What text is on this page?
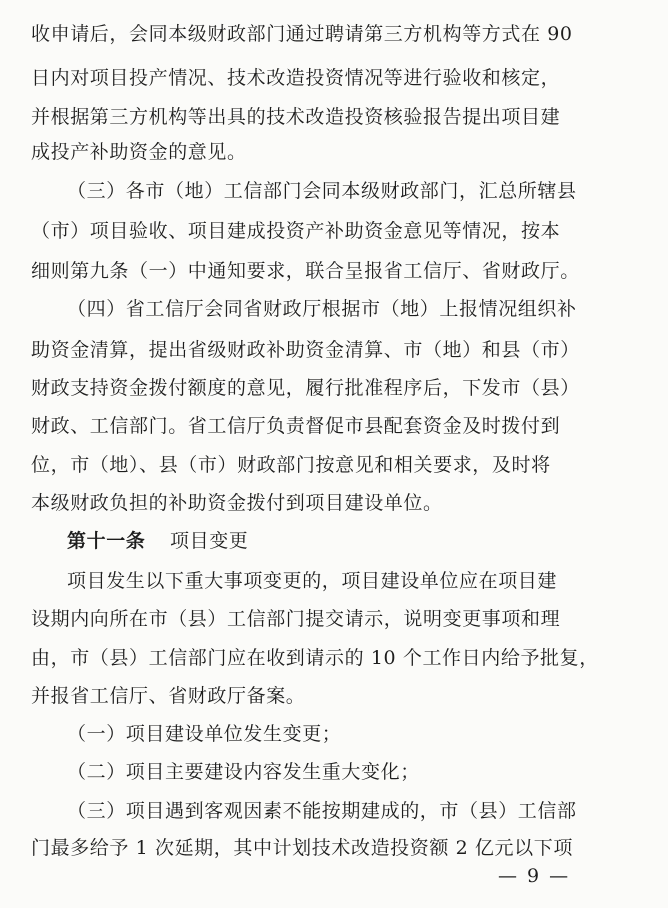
收申请后，会同本级财政部门通过聘请第三方机构等方式在 90
日内对项目投产情况、技术改造投资情况等进行验收和核定，
并根据第三方机构等出具的技术改造投资核验报告提出项目建
成投产补助资金的意见。
（三）各市（地）工信部门会同本级财政部门，汇总所辖县
（市）项目验收、项目建成投资产补助资金意见等情况，按本
细则第九条（一）中通知要求，联合呈报省工信厅、省财政厅。
（四）省工信厅会同省财政厅根据市（地）上报情况组织补
助资金清算，提出省级财政补助资金清算、市（地）和县（市）
财政支持资金拨付额度的意见，履行批准程序后，下发市（县）
财政、工信部门。省工信厅负责督促市县配套资金及时拨付到
位，市（地）、县（市）财政部门按意见和相关要求，及时将
本级财政负担的补助资金拨付到项目建设单位。
第十一条 项目变更
项目发生以下重大事项变更的，项目建设单位应在项目建
设期内向所在市（县）工信部门提交请示，说明变更事项和理
由，市（县）工信部门应在收到请示的 10 个工作日内给予批复，
并报省工信厅、省财政厅备案。
（一）项目建设单位发生变更；
（二）项目主要建设内容发生重大变化；
（三）项目遇到客观因素不能按期建成的，市（县）工信部
门最多给予 1 次延期，其中计划技术改造投资额 2 亿元以下项
— 9 —
